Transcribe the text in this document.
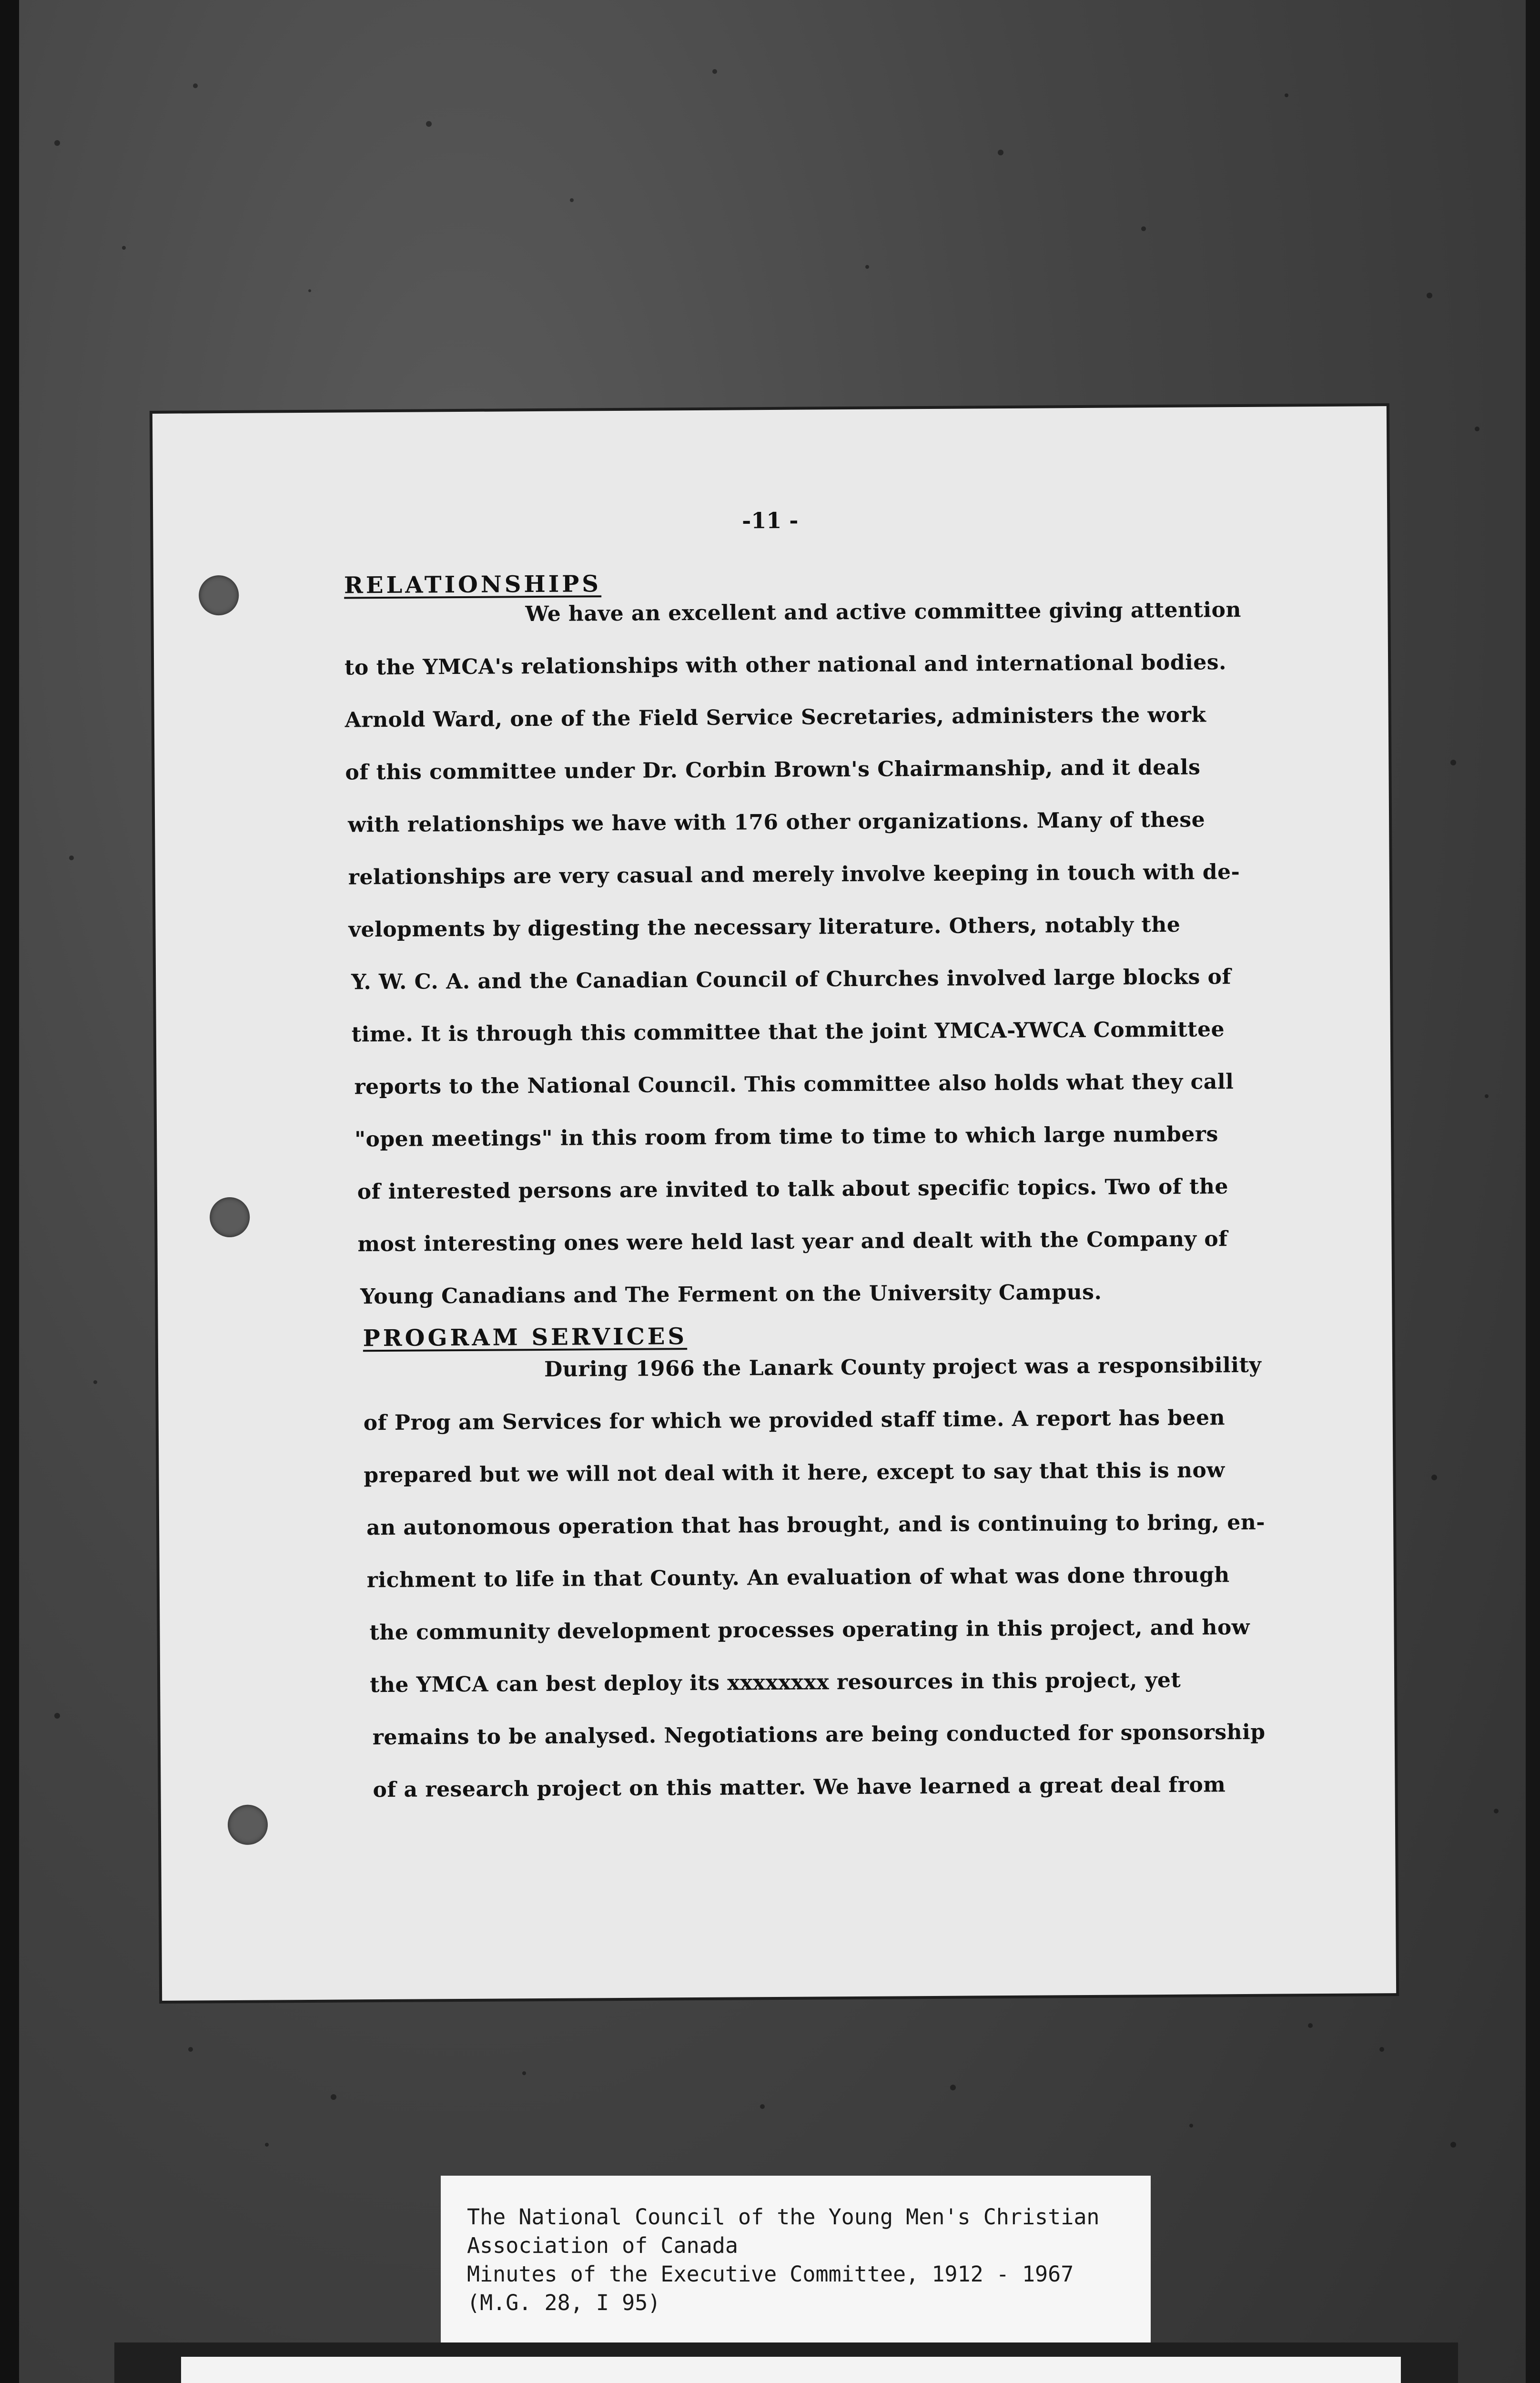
-11 -
RELATIONSHIPS
We have an excellent and active committee giving attention
to the YMCA's relationships with other national and international bodies.
Arnold Ward, one of the Field Service Secretaries, administers the work
of this committee under Dr. Corbin Brown's Chairmanship, and it deals
with relationships we have with 176 other organizations. Many of these
relationships are very casual and merely involve keeping in touch with de-
velopments by digesting the necessary literature. Others, notably the
Y. W. C. A. and the Canadian Council of Churches involved large blocks of
time. It is through this committee that the joint YMCA-YWCA Committee
reports to the National Council. This committee also holds what they call
"open meetings" in this room from time to time to which large numbers
of interested persons are invited to talk about specific topics. Two of the
most interesting ones were held last year and dealt with the Company of
Young Canadians and The Ferment on the University Campus.
PROGRAM SERVICES
During 1966 the Lanark County project was a responsibility
of Prog am Services for which we provided staff time. A report has been
prepared but we will not deal with it here, except to say that this is now
an autonomous operation that has brought, and is continuing to bring, en-
richment to life in that County. An evaluation of what was done through
the community development processes operating in this project, and how
the YMCA can best deploy its xxxxxxxx resources in this project, yet
remains to be analysed. Negotiations are being conducted for sponsorship
of a research project on this matter. We have learned a great deal from
The National Council of the Young Men's Christian
Association of Canada
Minutes of the Executive Committee, 1912 - 1967
(M.G. 28, I 95)
